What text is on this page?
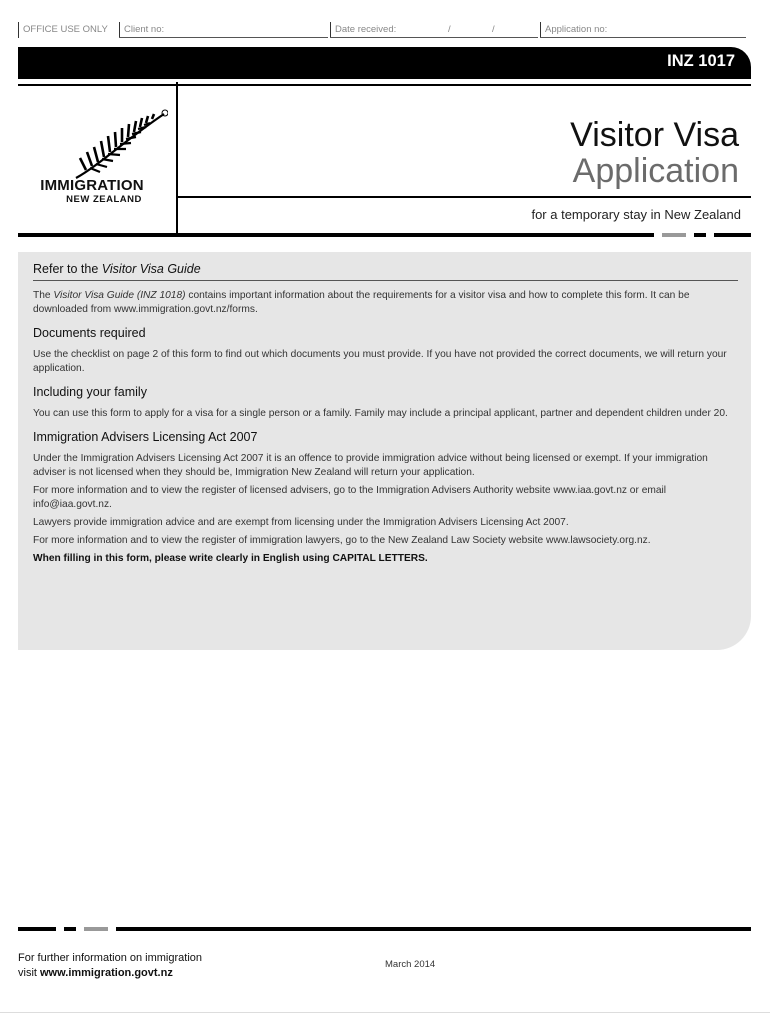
OFFICE USE ONLY	Client no:	Date received:	/	/	Application no:
INZ 1017
IMMIGRATION
NEW ZEALAND
Visitor Visa
Application
for a temporary stay in New Zealand
Refer to the Visitor Visa Guide

The Visitor Visa Guide (INZ 1018) contains important information about the requirements for a visitor visa and how to complete this form. It can be downloaded from www.immigration.govt.nz/forms.

Documents required

Use the checklist on page 2 of this form to find out which documents you must provide. If you have not provided the correct documents, we will return your application.

Including your family

You can use this form to apply for a visa for a single person or a family. Family may include a principal applicant, partner and dependent children under 20.

Immigration Advisers Licensing Act 2007

Under the Immigration Advisers Licensing Act 2007 it is an offence to provide immigration advice without being licensed or exempt. If your immigration adviser is not licensed when they should be, Immigration New Zealand will return your application.

For more information and to view the register of licensed advisers, go to the Immigration Advisers Authority website www.iaa.govt.nz or email info@iaa.govt.nz.

Lawyers provide immigration advice and are exempt from licensing under the Immigration Advisers Licensing Act 2007.

For more information and to view the register of immigration lawyers, go to the New Zealand Law Society website www.lawsociety.org.nz.

When filling in this form, please write clearly in English using CAPITAL LETTERS.

For further information on immigration
visit www.immigration.govt.nz
March 2014
